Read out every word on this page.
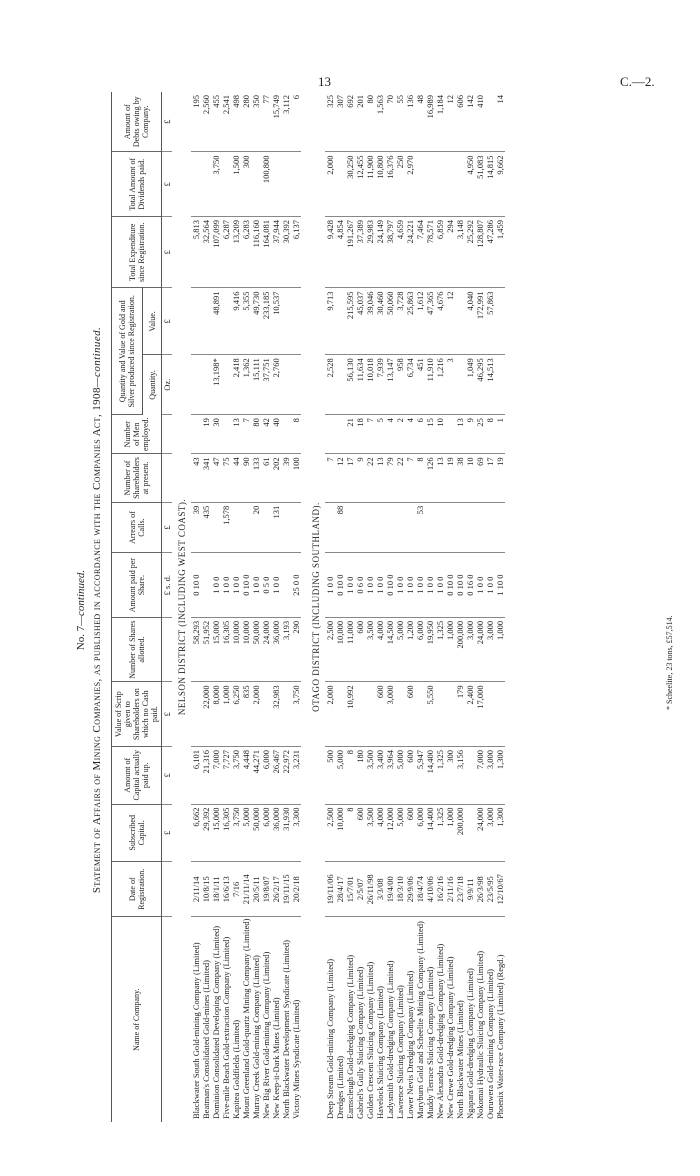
13	C.—2.
No. 7—continued. Statement of Affairs of Mining Companies, as published in accordance with the Companies Act, 1908—continued.
Name of Company.	Date of Registration.	Subscribed Capital.	Amount of Capital actually paid up.	Value of Scrip given to Shareholders on which no Cash paid.	Number of Shares allotted.	Amount paid per Share.	Arrears of Calls.	Number of Shareholders at present.	Number of Men employed.	Quantity and Value of Gold and Silver produced since Registration.		Total Expenditure since Registration.	Total Amount of Dividends paid.	Amount of Debts owing by Company.
										Quantity.	Value.			
		£	£	£		£ s. d.	£			Oz.	£	£	£	£
NELSON DISTRICT (INCLUDING WEST COAST).														
Blackwater South Gold-mining Company (Limited)	2/11/14	6,662	6,101		58,293	0 10 0	39	43				5,813		195
Beatman's Consolidated Gold-mines (Limited)	10/8/15	29,392	21,316	22,000	51,952		435	341	19			32,564		2,560
Dominion Consolidated Developing Company (Limited)	18/1/11	15,000	7,000	8,000	15,000	1 0 0		47	30	13,198*	48,891	107,099	3,750	455
Five-mile Beach Gold-extraction Company (Limited)	16/6/13	16,305	7,727	1,000	16,305	1 0 0	1,578	75				6,287		2,541
Kapitea Goldfields (Limited)	7/16	3,750	3,750	6,250	10,000	1 0 0		44	13	2,418	9,416	13,209	1,500	498
Mount Greenland Gold-quartz Mining Company (Limited)	21/11/14	5,000	4,448	835	10,000	0 10 0		90	7	1,362	5,355	6,283	300	280
Murray Creek Gold-mining Company (Limited)	20/5/11	50,000	44,271	2,000	50,000	1 0 0	20	133	80	15,111	49,730	116,160		350
New Big River Gold-mining Company (Limited)	19/8/07	6,000	6,000		24,000	0 5 0		61	42	37,751	233,185	164,081	100,800	77
New Keep-it-Dark Mines (Limited)	26/2/17	36,000	26,467	32,983	36,000	1 0 0	131	202	40	2,760	10,537	37,944		15,749
North Blackwater Development Syndicate (Limited)	19/11/15	31,930	22,972		3,193			39				30,392		3,112
Victory Mines Syndicate (Limited)	20/2/18	3,300	3,231	3,750	290	25 0 0		100	8			6,137		6

OTAGO DISTRICT (INCLUDING SOUTHLAND).														
Deep Stream Gold-mining Company (Limited)	19/11/06	2,500	500	2,000	2,500	1 0 0		7		2,528	9,713	9,428	2,000	325
Dredges (Limited)	28/4/17	10,000	5,000		10,000	0 10 0	88	12				4,854		307
Earnscleugh Gold-dredging Company (Limited)	15/7/01	8	8	10,992	11,000	1 0 0		17	21	56,130	215,595	191,267	30,250	692
Gabriel's Gully Sluicing Company (Limited)	2/5/07	600	180		600	0 6 0		9	18	11,634	45,037	37,389	12,455	201
Golden Crescent Sluicing Company (Limited)	26/11/98	3,500	3,500		3,500	1 0 0		22	7	10,018	39,046	29,983	11,900	80
Havelock Sluicing Company (Limited)	3/3/08	4,000	3,400	600	4,000	1 0 0		13	5	7,939	30,460	24,149	10,800	1,563
Ladysmith Gold-dredging Company (Limited)	19/4/00	12,000	3,964	3,000	14,500	0 10 0		79	4	13,147	50,060	38,797	16,376	70
Lawrence Sluicing Company (Limited)	18/3/10	5,000	5,000		5,000	1 0 0		22	2	958	3,728	4,659	250	55
Lower Nevis Dredging Company (Limited)	29/9/06	600	600	600	1,200	1 0 0		7	4	6,734	25,863	24,221	2,970	136
Maryburn Gold and Scheelite Mining Company (Limited)	18/4/74	6,000	5,947		6,000	1 0 0	53	8	6	451	1,612	7,464		48
Muddy Terrace Sluicing Company (Limited)	4/10/06	14,400	14,400	5,550	19,950	1 0 0		126	15	11,910	47,365	78,571		16,989
New Alexandra Gold-dredging Company (Limited)	16/2/16	1,325	1,325		1,325	1 0 0		13	10	1,216	4,676	6,859		1,184
New Crewe Gold-dredging Company (Limited)	2/11/16	1,000	300		1,000	0 10 0		19		3	12	294		12
North Blackwater Mines (Limited)	23/7/18	200,000	3,156	179	200,000	0 10 0		38	13			3,148		606
Ngapara Gold-dredging Company (Limited)	9/9/11			2,400	3,000	0 16 0		10	9	1,049	4,040	25,292	4,950	142
Nokomai Hydraulic Sluicing Company (Limited)	26/3/98	24,000	7,000	17,000	24,000	1 0 0		69	25	46,295	172,991	128,807	51,083	410
Ouruwera Gold-mining Company (Limited)	23/5/95	3,000	3,000		3,000	1 0 0		17	8	14,513	57,863	47,286	14,815	
Phoenix Water-race Company (Limited) (Regd.)	12/10/67	1,300	1,300		1,000	1 10 0		19	1			1,459	9,662	14
* Scheelite, 23 tons, £57,514.
